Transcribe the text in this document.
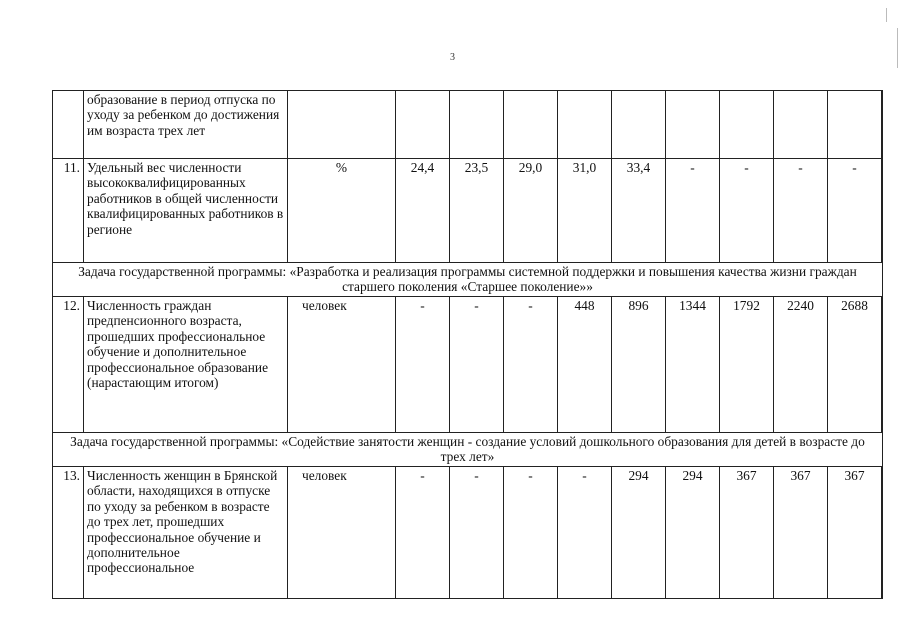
3
	образование в период отпуска по уходу за ребенком до достижения им возраста трех лет												
11.	Удельный вес численности высококвалифицированных работников в общей численности квалифицированных работников в регионе	%	24,4	23,5	29,0	31,0	33,4	-	-	-	-	
Задача государственной программы: «Разработка и реализация программы системной поддержки и повышения качества жизни граждан старшего поколения «Старшее поколение»»												
12.	Численность граждан предпенсионного возраста, прошедших профессиональное обучение и дополнительное профессиональное образование (нарастающим итогом)	человек	-	-	-	448	896	1344	1792	2240	2688	
Задача государственной программы: «Содействие занятости женщин - создание условий дошкольного образования для детей в возрасте до трех лет»												
13.	Численность женщин в Брянской области, находящихся в отпуске по уходу за ребенком в возрасте до трех лет, прошедших профессиональное обучение и дополнительное профессиональное	человек	-	-	-	-	294	294	367	367	367	
